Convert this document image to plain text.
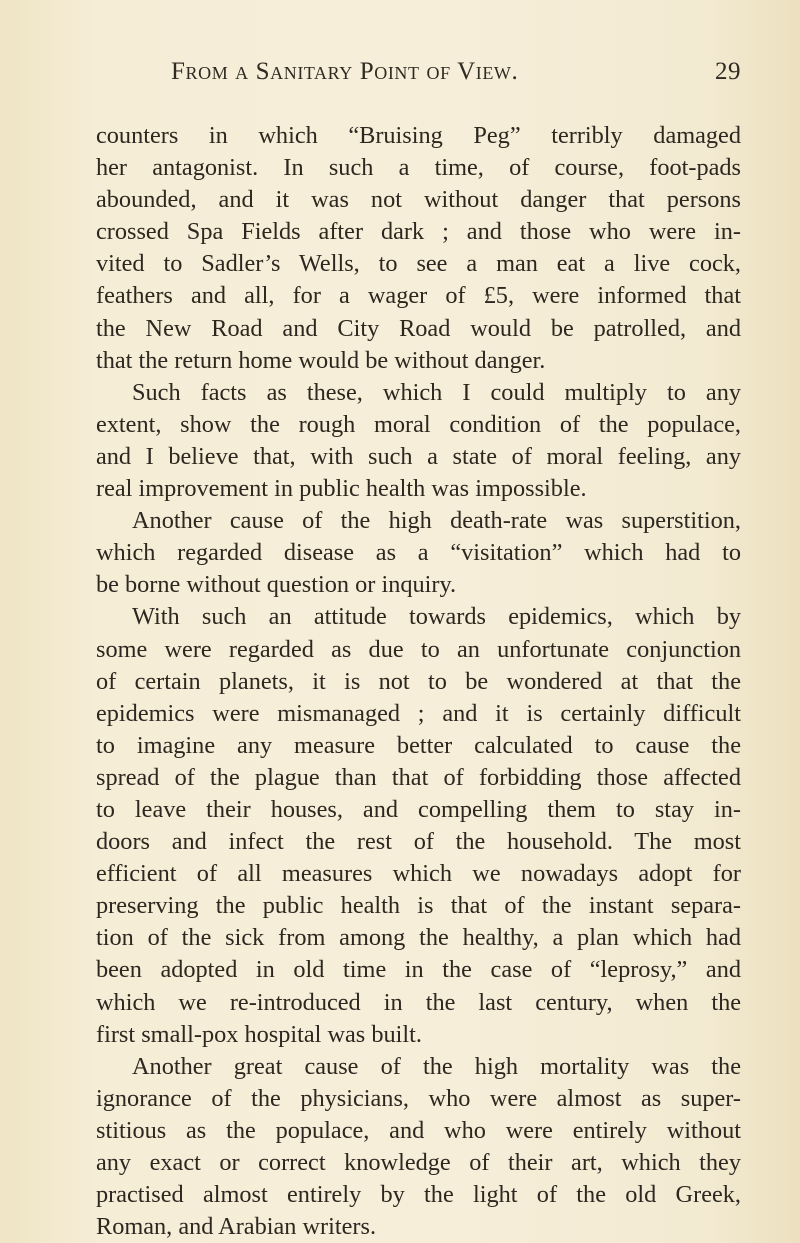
From a Sanitary Point of View.	29
counters in which “Bruising Peg” terribly damaged
her antagonist. In such a time, of course, foot-pads
abounded, and it was not without danger that persons
crossed Spa Fields after dark ; and those who were in-
vited to Sadler’s Wells, to see a man eat a live cock,
feathers and all, for a wager of £5, were informed that
the New Road and City Road would be patrolled, and
that the return home would be without danger.
Such facts as these, which I could multiply to any
extent, show the rough moral condition of the populace,
and I believe that, with such a state of moral feeling, any
real improvement in public health was impossible.
Another cause of the high death-rate was superstition,
which regarded disease as a “visitation” which had to
be borne without question or inquiry.
With such an attitude towards epidemics, which by
some were regarded as due to an unfortunate conjunction
of certain planets, it is not to be wondered at that the
epidemics were mismanaged ; and it is certainly difficult
to imagine any measure better calculated to cause the
spread of the plague than that of forbidding those affected
to leave their houses, and compelling them to stay in-
doors and infect the rest of the household. The most
efficient of all measures which we nowadays adopt for
preserving the public health is that of the instant separa-
tion of the sick from among the healthy, a plan which had
been adopted in old time in the case of “leprosy,” and
which we re-introduced in the last century, when the
first small-pox hospital was built.
Another great cause of the high mortality was the
ignorance of the physicians, who were almost as super-
stitious as the populace, and who were entirely without
any exact or correct knowledge of their art, which they
practised almost entirely by the light of the old Greek,
Roman, and Arabian writers.
